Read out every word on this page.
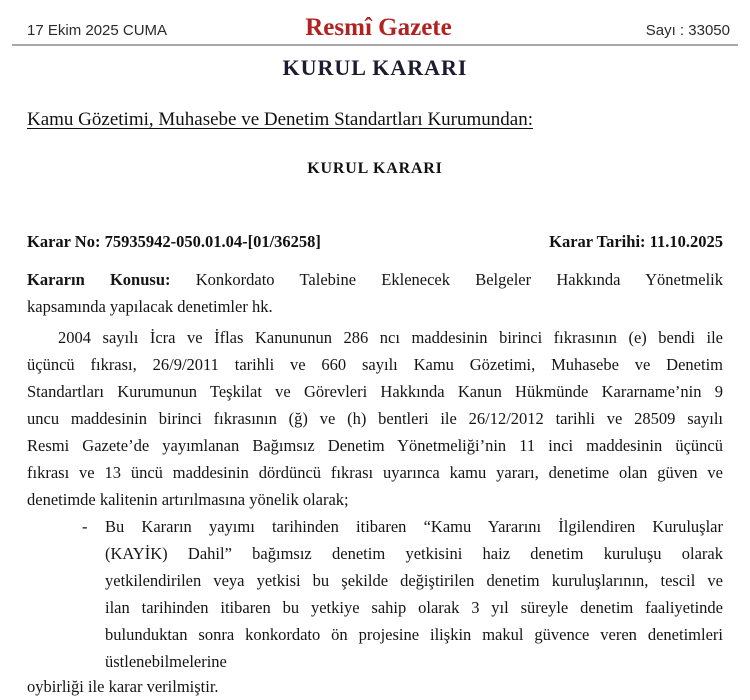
17 Ekim 2025 CUMA	Resmî Gazete	Sayı : 33050
KURUL KARARI
Kamu Gözetimi, Muhasebe ve Denetim Standartları Kurumundan:
KURUL KARARI
Karar No: 75935942-050.01.04-[01/36258]	Karar Tarihi: 11.10.2025
Kararın Konusu: Konkordato Talebine Eklenecek Belgeler Hakkında Yönetmelik
kapsamında yapılacak denetimler hk.
2004 sayılı İcra ve İflas Kanununun 286 ncı maddesinin birinci fıkrasının (e) bendi ile
üçüncü fıkrası, 26/9/2011 tarihli ve 660 sayılı Kamu Gözetimi, Muhasebe ve Denetim
Standartları Kurumunun Teşkilat ve Görevleri Hakkında Kanun Hükmünde Kararname’nin 9
uncu maddesinin birinci fıkrasının (ğ) ve (h) bentleri ile 26/12/2012 tarihli ve 28509 sayılı
Resmi Gazete’de yayımlanan Bağımsız Denetim Yönetmeliği’nin 11 inci maddesinin üçüncü
fıkrası ve 13 üncü maddesinin dördüncü fıkrası uyarınca kamu yararı, denetime olan güven ve
denetimde kalitenin artırılmasına yönelik olarak;
-	Bu Kararın yayımı tarihinden itibaren “Kamu Yararını İlgilendiren Kuruluşlar
(KAYİK) Dahil” bağımsız denetim yetkisini haiz denetim kuruluşu olarak
yetkilendirilen veya yetkisi bu şekilde değiştirilen denetim kuruluşlarının, tescil ve
ilan tarihinden itibaren bu yetkiye sahip olarak 3 yıl süreyle denetim faaliyetinde
bulunduktan sonra konkordato ön projesine ilişkin makul güvence veren denetimleri
üstlenebilmelerine
oybirliği ile karar verilmiştir.
